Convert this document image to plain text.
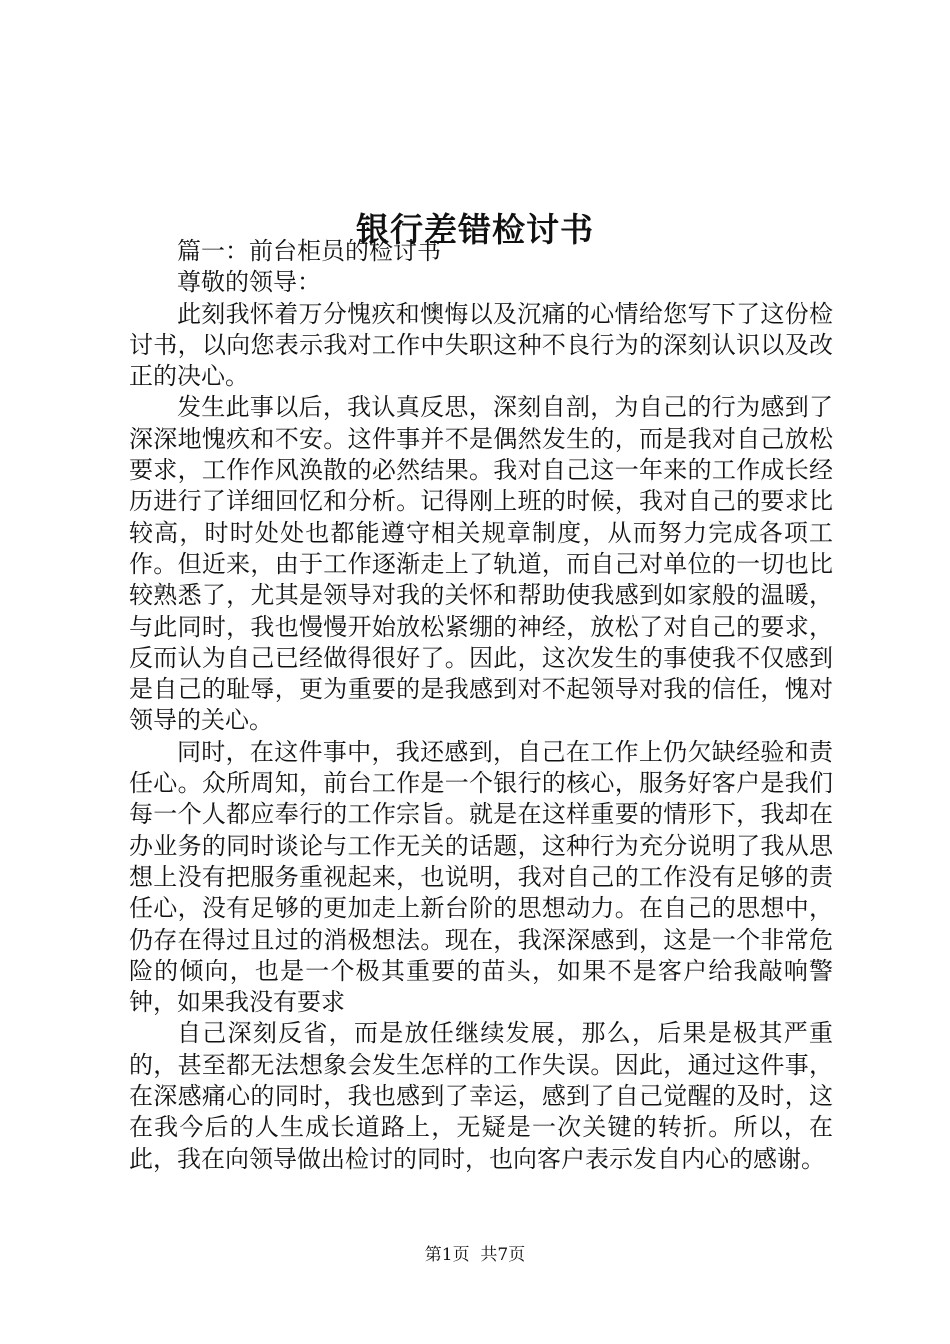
银行差错检讨书

篇一：前台柜员的检讨书

尊敬的领导：

此刻我怀着万分愧疚和懊悔以及沉痛的心情给您写下了这份检讨书，以向您表示我对工作中失职这种不良行为的深刻认识以及改正的决心。

发生此事以后，我认真反思，深刻自剖，为自己的行为感到了深深地愧疚和不安。这件事并不是偶然发生的，而是我对自己放松要求，工作作风涣散的必然结果。我对自己这一年来的工作成长经历进行了详细回忆和分析。记得刚上班的时候，我对自己的要求比较高，时时处处也都能遵守相关规章制度，从而努力完成各项工作。但近来，由于工作逐渐走上了轨道，而自己对单位的一切也比较熟悉了，尤其是领导对我的关怀和帮助使我感到如家般的温暖，与此同时，我也慢慢开始放松紧绷的神经，放松了对自己的要求，反而认为自己已经做得很好了。因此，这次发生的事使我不仅感到是自己的耻辱，更为重要的是我感到对不起领导对我的信任，愧对领导的关心。

同时，在这件事中，我还感到，自己在工作上仍欠缺经验和责任心。众所周知，前台工作是一个银行的核心，服务好客户是我们每一个人都应奉行的工作宗旨。就是在这样重要的情形下，我却在办业务的同时谈论与工作无关的话题，这种行为充分说明了我从思想上没有把服务重视起来，也说明，我对自己的工作没有足够的责任心，没有足够的更加走上新台阶的思想动力。在自己的思想中，仍存在得过且过的消极想法。现在，我深深感到，这是一个非常危险的倾向，也是一个极其重要的苗头，如果不是客户给我敲响警钟，如果我没有要求

自己深刻反省，而是放任继续发展，那么，后果是极其严重的，甚至都无法想象会发生怎样的工作失误。因此，通过这件事，在深感痛心的同时，我也感到了幸运，感到了自己觉醒的及时，这在我今后的人生成长道路上，无疑是一次关键的转折。所以，在此，我在向领导做出检讨的同时，也向客户表示发自内心的感谢。

第1页 共7页
